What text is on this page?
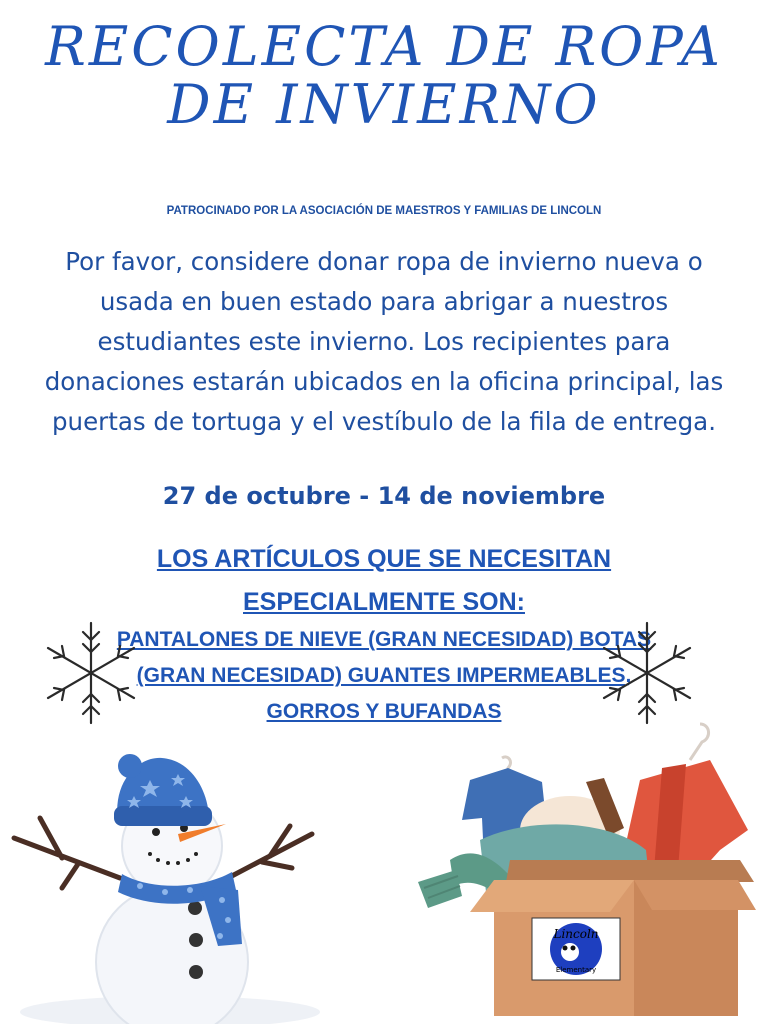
RECOLECTA DE ROPA
DE INVIERNO
PATROCINADO POR LA ASOCIACIÓN DE MAESTROS Y FAMILIAS DE LINCOLN
Por favor, considere donar ropa de invierno nueva o usada en buen estado para abrigar a nuestros estudiantes este invierno. Los recipientes para donaciones estarán ubicados en la oficina principal, las puertas de tortuga y el vestíbulo de la fila de entrega.
27 de octubre - 14 de noviembre
LOS ARTÍCULOS QUE SE NECESITAN ESPECIALMENTE SON:
PANTALONES DE NIEVE (GRAN NECESIDAD) BOTAS (GRAN NECESIDAD) GUANTES IMPERMEABLES, GORROS Y BUFANDAS
Lincoln
Elementary
